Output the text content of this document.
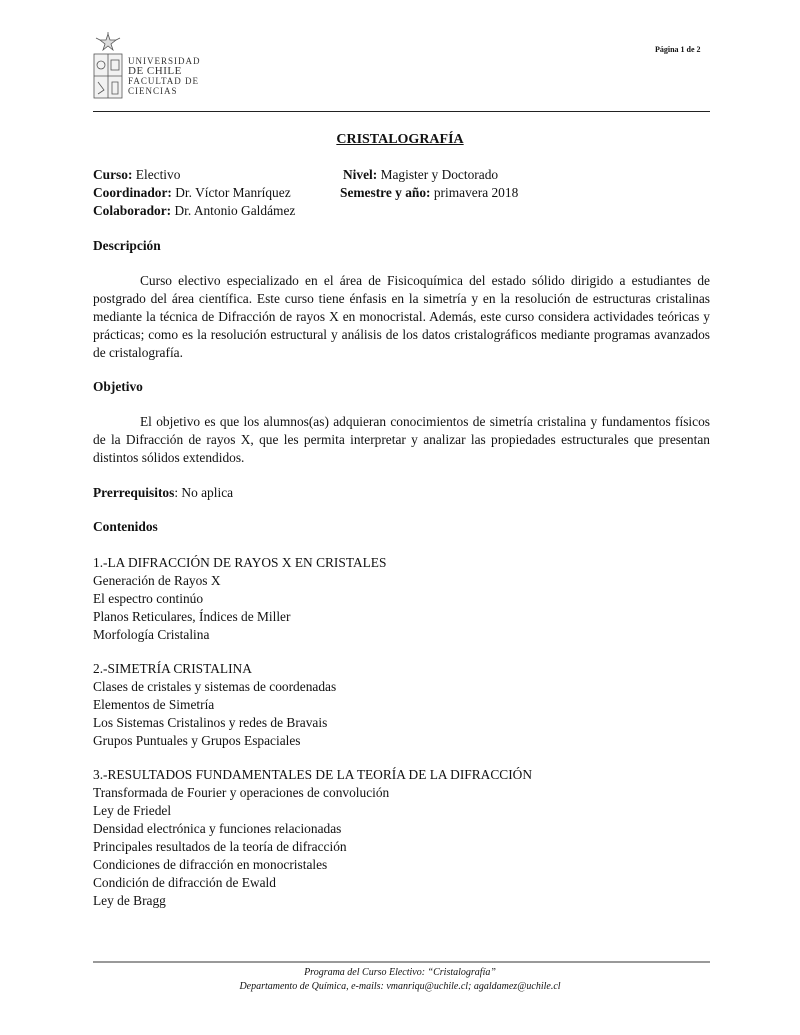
UNIVERSIDAD
DE CHILE
FACULTAD DE
CIENCIAS
Página 1 de 2
CRISTALOGRAFÍA
Curso: Electivo	Nivel: Magister y Doctorado
Coordinador: Dr. Víctor Manríquez	Semestre y año: primavera 2018
Colaborador: Dr. Antonio Galdámez
Descripción
Curso electivo especializado en el área de Fisicoquímica del estado sólido dirigido a estudiantes de postgrado del área científica. Este curso tiene énfasis en la simetría y en la resolución de estructuras cristalinas mediante la técnica de Difracción de rayos X en monocristal. Además, este curso considera actividades teóricas y prácticas; como es la resolución estructural y análisis de los datos cristalográficos mediante programas avanzados de cristalografía.
Objetivo
El objetivo es que los alumnos(as) adquieran conocimientos de simetría cristalina y fundamentos físicos de la Difracción de rayos X, que les permita interpretar y analizar las propiedades estructurales que presentan distintos sólidos extendidos.
Prerrequisitos: No aplica
Contenidos
1.-LA DIFRACCIÓN DE RAYOS X EN CRISTALES
Generación de Rayos X
El espectro continúo
Planos Reticulares, Índices de Miller
Morfología Cristalina
2.-SIMETRÍA CRISTALINA
Clases de cristales y sistemas de coordenadas
Elementos de Simetría
Los Sistemas Cristalinos y redes de Bravais
Grupos Puntuales y Grupos Espaciales
3.-RESULTADOS FUNDAMENTALES DE LA TEORÍA DE LA DIFRACCIÓN
Transformada de Fourier y operaciones de convolución
Ley de Friedel
Densidad electrónica y funciones relacionadas
Principales resultados de la teoría de difracción
Condiciones de difracción en monocristales
Condición de difracción de Ewald
Ley de Bragg
Programa del Curso Electivo: “Cristalografía”
Departamento de Química, e-mails: vmanriqu@uchile.cl; agaldamez@uchile.cl
